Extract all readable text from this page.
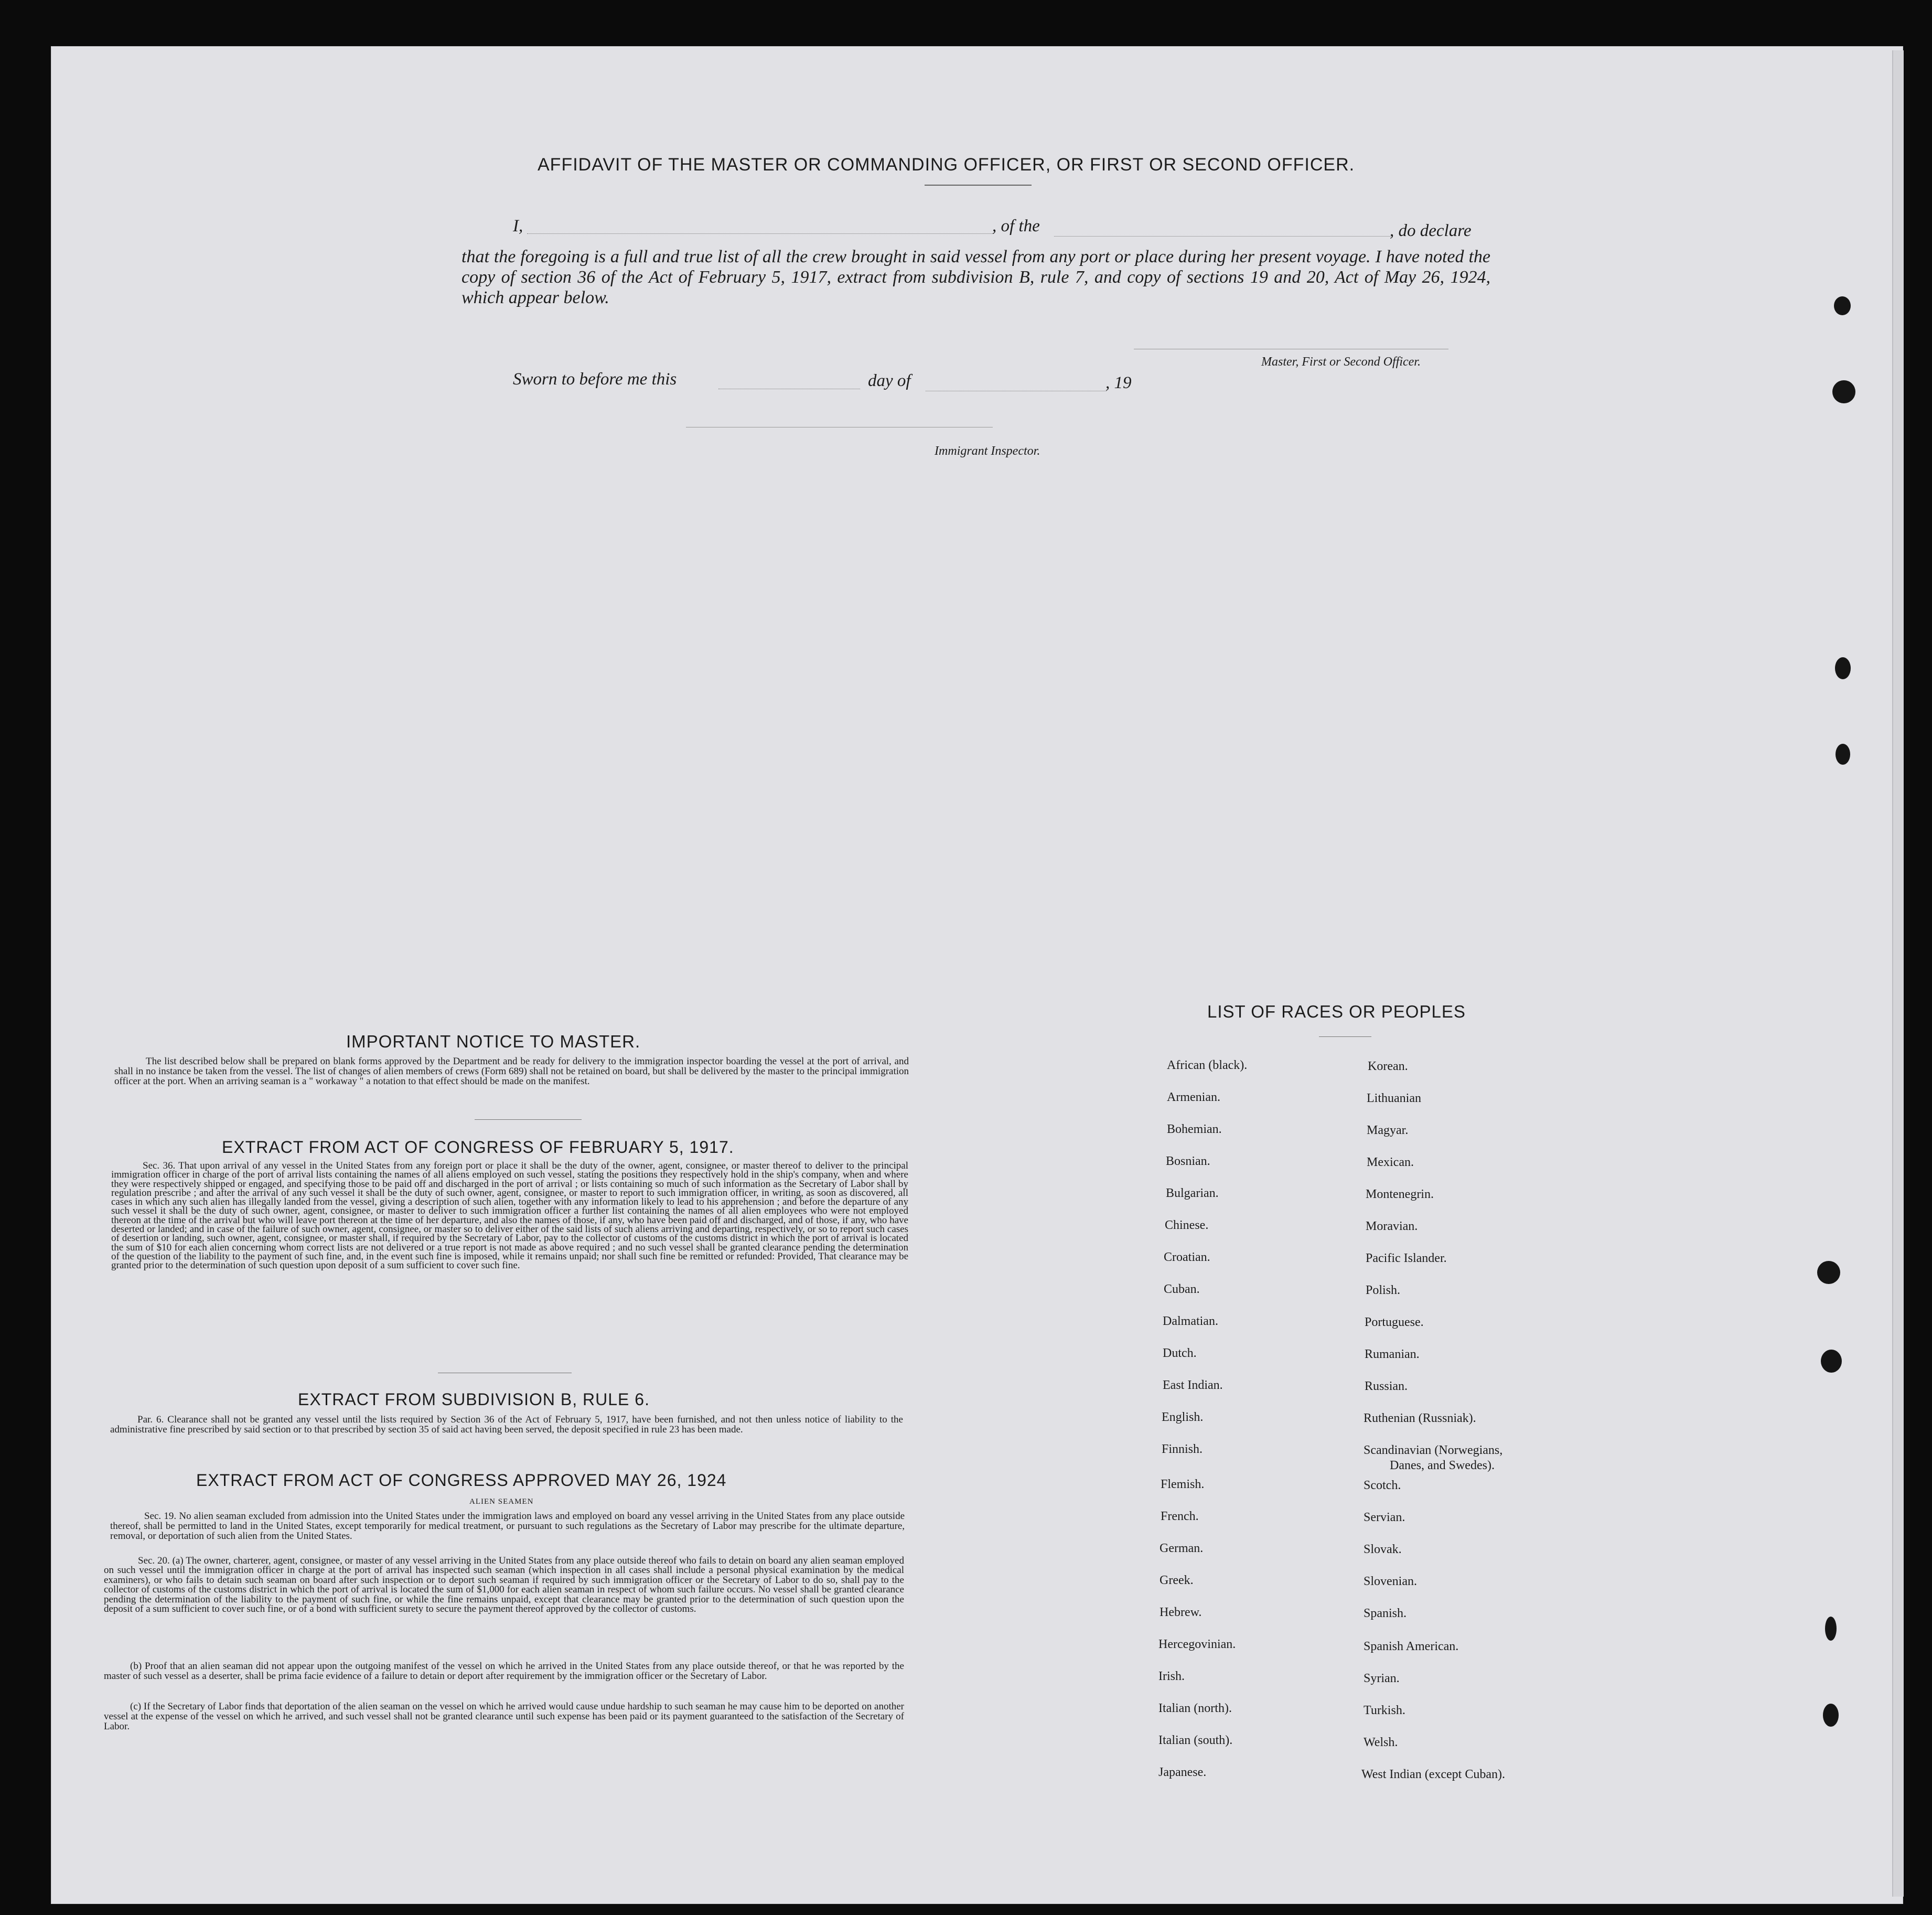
AFFIDAVIT OF THE MASTER OR COMMANDING OFFICER, OR FIRST OR SECOND OFFICER.
I,	, of the	, do declare
that the foregoing is a full and true list of all the crew brought in said vessel from any port or place during her present voyage. I have noted the copy of section 36 of the Act of February 5, 1917, extract from subdivision B, rule 7, and copy of sections 19 and 20, Act of May 26, 1924, which appear below.
Master, First or Second Officer.
Sworn to before me this	day of	, 19
Immigrant Inspector.
IMPORTANT NOTICE TO MASTER.
The list described below shall be prepared on blank forms approved by the Department and be ready for delivery to the immigration inspector boarding the vessel at the port of arrival, and shall in no instance be taken from the vessel. The list of changes of alien members of crews (Form 689) shall not be retained on board, but shall be delivered by the master to the principal immigration officer at the port. When an arriving seaman is a " workaway " a notation to that effect should be made on the manifest.
EXTRACT FROM ACT OF CONGRESS OF FEBRUARY 5, 1917.
Sec. 36. That upon arrival of any vessel in the United States from any foreign port or place it shall be the duty of the owner, agent, consignee, or master thereof to deliver to the principal immigration officer in charge of the port of arrival lists containing the names of all aliens employed on such vessel, stating the positions they respectively hold in the ship's company, when and where they were respectively shipped or engaged, and specifying those to be paid off and discharged in the port of arrival ; or lists containing so much of such information as the Secretary of Labor shall by regulation prescribe ; and after the arrival of any such vessel it shall be the duty of such owner, agent, consignee, or master to report to such immigration officer, in writing, as soon as discovered, all cases in which any such alien has illegally landed from the vessel, giving a description of such alien, together with any information likely to lead to his apprehension ; and before the departure of any such vessel it shall be the duty of such owner, agent, consignee, or master to deliver to such immigration officer a further list containing the names of all alien employees who were not employed thereon at the time of the arrival but who will leave port thereon at the time of her departure, and also the names of those, if any, who have been paid off and discharged, and of those, if any, who have deserted or landed; and in case of the failure of such owner, agent, consignee, or master so to deliver either of the said lists of such aliens arriving and departing, respectively, or so to report such cases of desertion or landing, such owner, agent, consignee, or master shall, if required by the Secretary of Labor, pay to the collector of customs of the customs district in which the port of arrival is located the sum of $10 for each alien concerning whom correct lists are not delivered or a true report is not made as above required ; and no such vessel shall be granted clearance pending the determination of the question of the liability to the payment of such fine, and, in the event such fine is imposed, while it remains unpaid; nor shall such fine be remitted or refunded: Provided, That clearance may be granted prior to the determination of such question upon deposit of a sum sufficient to cover such fine.
EXTRACT FROM SUBDIVISION B, RULE 6.
Par. 6. Clearance shall not be granted any vessel until the lists required by Section 36 of the Act of February 5, 1917, have been furnished, and not then unless notice of liability to the administrative fine prescribed by said section or to that prescribed by section 35 of said act having been served, the deposit specified in rule 23 has been made.
EXTRACT FROM ACT OF CONGRESS APPROVED MAY 26, 1924
ALIEN SEAMEN
Sec. 19. No alien seaman excluded from admission into the United States under the immigration laws and employed on board any vessel arriving in the United States from any place outside thereof, shall be permitted to land in the United States, except temporarily for medical treatment, or pursuant to such regulations as the Secretary of Labor may prescribe for the ultimate departure, removal, or deportation of such alien from the United States.
Sec. 20. (a) The owner, charterer, agent, consignee, or master of any vessel arriving in the United States from any place outside thereof who fails to detain on board any alien seaman employed on such vessel until the immigration officer in charge at the port of arrival has inspected such seaman (which inspection in all cases shall include a personal physical examination by the medical examiners), or who fails to detain such seaman on board after such inspection or to deport such seaman if required by such immigration officer or the Secretary of Labor to do so, shall pay to the collector of customs of the customs district in which the port of arrival is located the sum of $1,000 for each alien seaman in respect of whom such failure occurs. No vessel shall be granted clearance pending the determination of the liability to the payment of such fine, or while the fine remains unpaid, except that clearance may be granted prior to the determination of such question upon the deposit of a sum sufficient to cover such fine, or of a bond with sufficient surety to secure the payment thereof approved by the collector of customs.
(b) Proof that an alien seaman did not appear upon the outgoing manifest of the vessel on which he arrived in the United States from any place outside thereof, or that he was reported by the master of such vessel as a deserter, shall be prima facie evidence of a failure to detain or deport after requirement by the immigration officer or the Secretary of Labor.
(c) If the Secretary of Labor finds that deportation of the alien seaman on the vessel on which he arrived would cause undue hardship to such seaman he may cause him to be deported on another vessel at the expense of the vessel on which he arrived, and such vessel shall not be granted clearance until such expense has been paid or its payment guaranteed to the satisfaction of the Secretary of Labor.
LIST OF RACES OR PEOPLES
African (black).
Armenian.
Bohemian.
Bosnian.
Bulgarian.
Chinese.
Croatian.
Cuban.
Dalmatian.
Dutch.
East Indian.
English.
Finnish.
Flemish.
French.
German.
Greek.
Hebrew.
Hercegovinian.
Irish.
Italian (north).
Italian (south).
Japanese.
Korean.
Lithuanian
Magyar.
Mexican.
Montenegrin.
Moravian.
Pacific Islander.
Polish.
Portuguese.
Rumanian.
Russian.
Ruthenian (Russniak).
Scandinavian (Norwegians,
Danes, and Swedes).
Scotch.
Servian.
Slovak.
Slovenian.
Spanish.
Spanish American.
Syrian.
Turkish.
Welsh.
West Indian (except Cuban).
